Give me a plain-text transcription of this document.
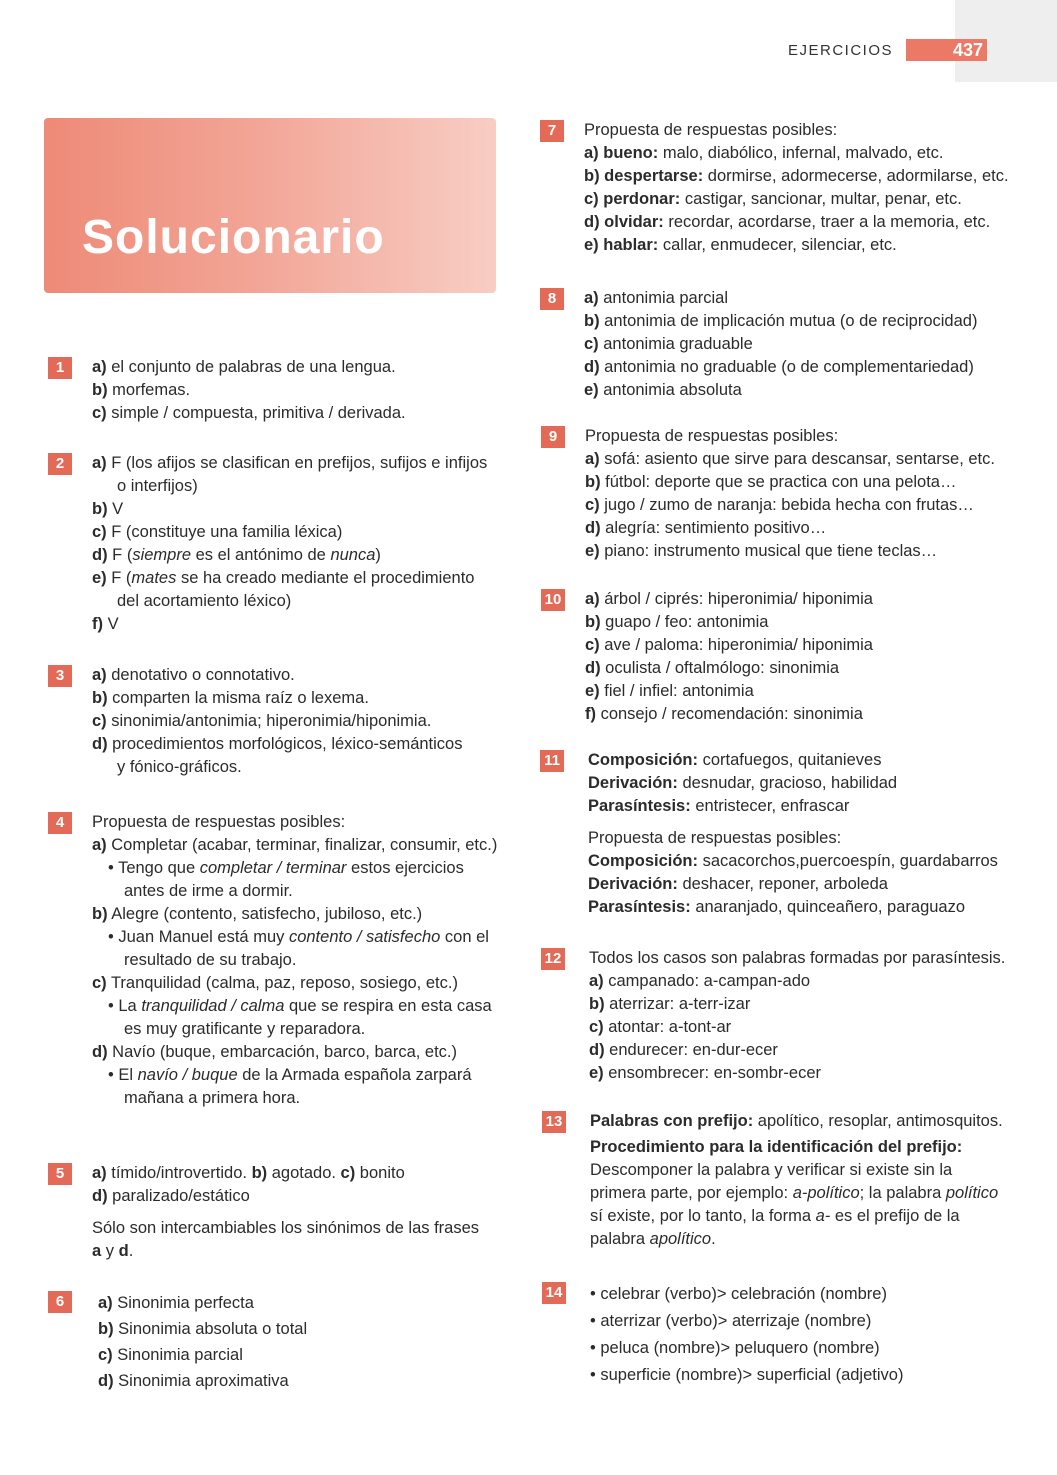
EJERCICIOS	437
Solucionario
1	a) el conjunto de palabras de una lengua.
b) morfemas.
c) simple / compuesta, primitiva / derivada.
2	a) F (los afijos se clasifican en prefijos, sufijos e infijos
o interfijos)
b) V
c) F (constituye una familia léxica)
d) F (siempre es el antónimo de nunca)
e) F (mates se ha creado mediante el procedimiento
del acortamiento léxico)
f) V
3	a) denotativo o connotativo.
b) comparten la misma raíz o lexema.
c) sinonimia/antonimia; hiperonimia/hiponimia.
d) procedimientos morfológicos, léxico-semánticos
y fónico-gráficos.
4	Propuesta de respuestas posibles:
a) Completar (acabar, terminar, finalizar, consumir, etc.)
• Tengo que completar / terminar estos ejercicios antes de irme a dormir.
b) Alegre (contento, satisfecho, jubiloso, etc.)
• Juan Manuel está muy contento / satisfecho con el resultado de su trabajo.
c) Tranquilidad (calma, paz, reposo, sosiego, etc.)
• La tranquilidad / calma que se respira en esta casa es muy gratificante y reparadora.
d) Navío (buque, embarcación, barco, barca, etc.)
• El navío / buque de la Armada española zarpará mañana a primera hora.
5	a) tímido/introvertido. b) agotado. c) bonito
d) paralizado/estático
Sólo son intercambiables los sinónimos de las frases
a y d.
6	a) Sinonimia perfecta
b) Sinonimia absoluta o total
c) Sinonimia parcial
d) Sinonimia aproximativa
7	Propuesta de respuestas posibles:
a) bueno: malo, diabólico, infernal, malvado, etc.
b) despertarse: dormirse, adormecerse, adormilarse, etc.
c) perdonar: castigar, sancionar, multar, penar, etc.
d) olvidar: recordar, acordarse, traer a la memoria, etc.
e) hablar: callar, enmudecer, silenciar, etc.
8	a) antonimia parcial
b) antonimia de implicación mutua (o de reciprocidad)
c) antonimia graduable
d) antonimia no graduable (o de complementariedad)
e) antonimia absoluta
9	Propuesta de respuestas posibles:
a) sofá: asiento que sirve para descansar, sentarse, etc.
b) fútbol: deporte que se practica con una pelota…
c) jugo / zumo de naranja: bebida hecha con frutas…
d) alegría: sentimiento positivo…
e) piano: instrumento musical que tiene teclas…
10 a) árbol / ciprés: hiperonimia/ hiponimia
b) guapo / feo: antonimia
c) ave / paloma: hiperonimia/ hiponimia
d) oculista / oftalmólogo: sinonimia
e) fiel / infiel: antonimia
f) consejo / recomendación: sinonimia
11 Composición: cortafuegos, quitanieves
Derivación: desnudar, gracioso, habilidad
Parasíntesis: entristecer, enfrascar
Propuesta de respuestas posibles:
Composición: sacacorchos,puercoespín, guardabarros
Derivación: deshacer, reponer, arboleda
Parasíntesis: anaranjado, quinceañero, paraguazo
12 Todos los casos son palabras formadas por parasíntesis.
a) campanado: a-campan-ado
b) aterrizar: a-terr-izar
c) atontar: a-tont-ar
d) endurecer: en-dur-ecer
e) ensombrecer: en-sombr-ecer
13 Palabras con prefijo: apolítico, resoplar, antimosquitos.
Procedimiento para la identificación del prefijo:
Descomponer la palabra y verificar si existe sin la primera parte, por ejemplo: a-político; la palabra político sí existe, por lo tanto, la forma a- es el prefijo de la palabra apolítico.
14 • celebrar (verbo)> celebración (nombre)
• aterrizar (verbo)> aterrizaje (nombre)
• peluca (nombre)> peluquero (nombre)
• superficie (nombre)> superficial (adjetivo)
